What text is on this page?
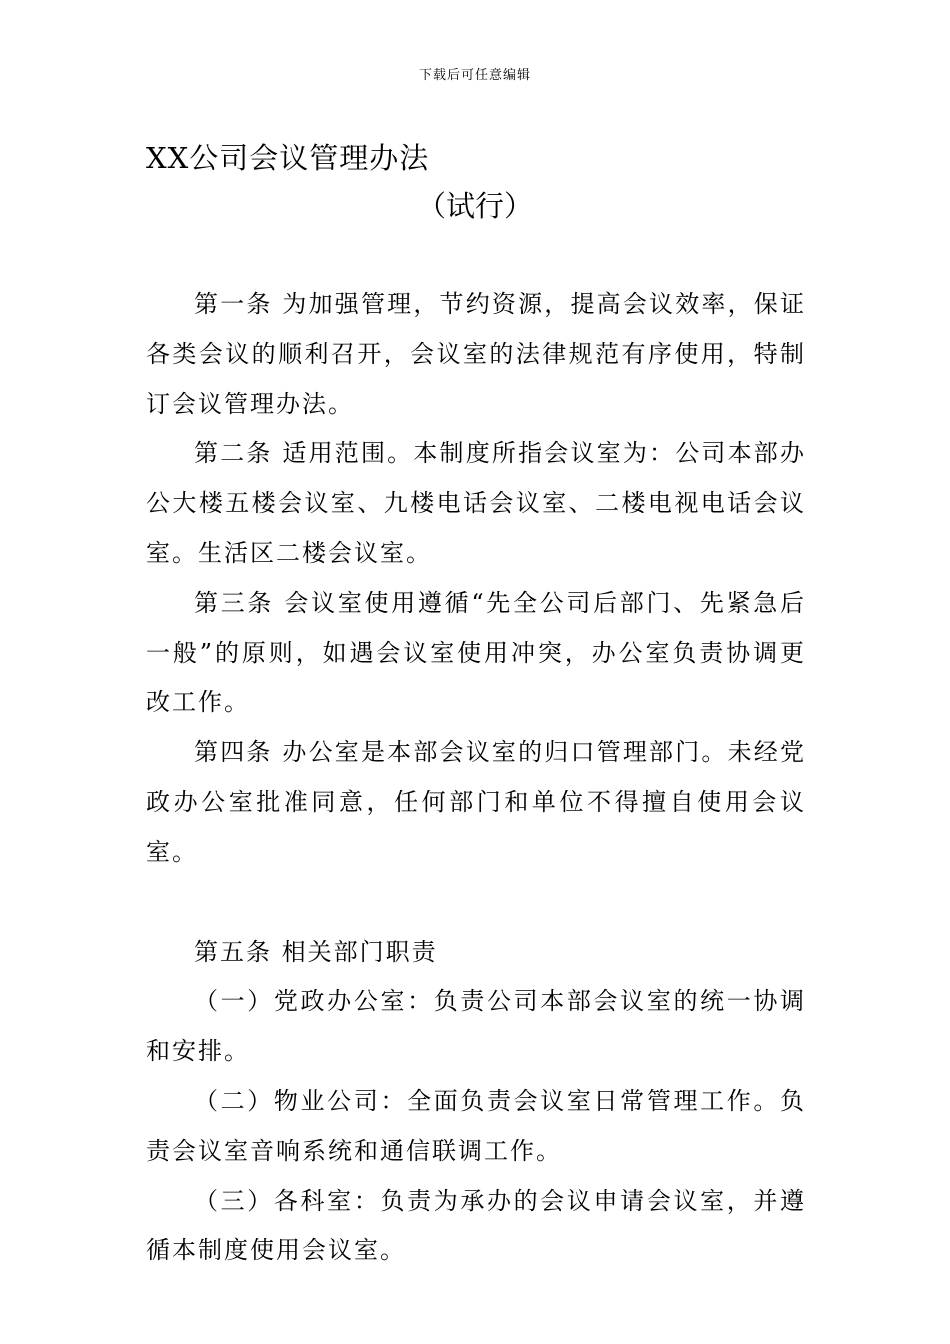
下载后可任意编辑
XX公司会议管理办法
（试行）

第一条 为加强管理，节约资源，提高会议效率，保证各类会议的顺利召开，会议室的法律规范有序使用，特制订会议管理办法。

第二条 适用范围。本制度所指会议室为：公司本部办公大楼五楼会议室、九楼电话会议室、二楼电视电话会议室。生活区二楼会议室。

第三条 会议室使用遵循“先全公司后部门、先紧急后一般”的原则，如遇会议室使用冲突，办公室负责协调更改工作。

第四条 办公室是本部会议室的归口管理部门。未经党政办公室批准同意，任何部门和单位不得擅自使用会议室。

第五条 相关部门职责

（一）党政办公室：负责公司本部会议室的统一协调和安排。

（二）物业公司：全面负责会议室日常管理工作。负责会议室音响系统和通信联调工作。

（三）各科室：负责为承办的会议申请会议室，并遵循本制度使用会议室。
